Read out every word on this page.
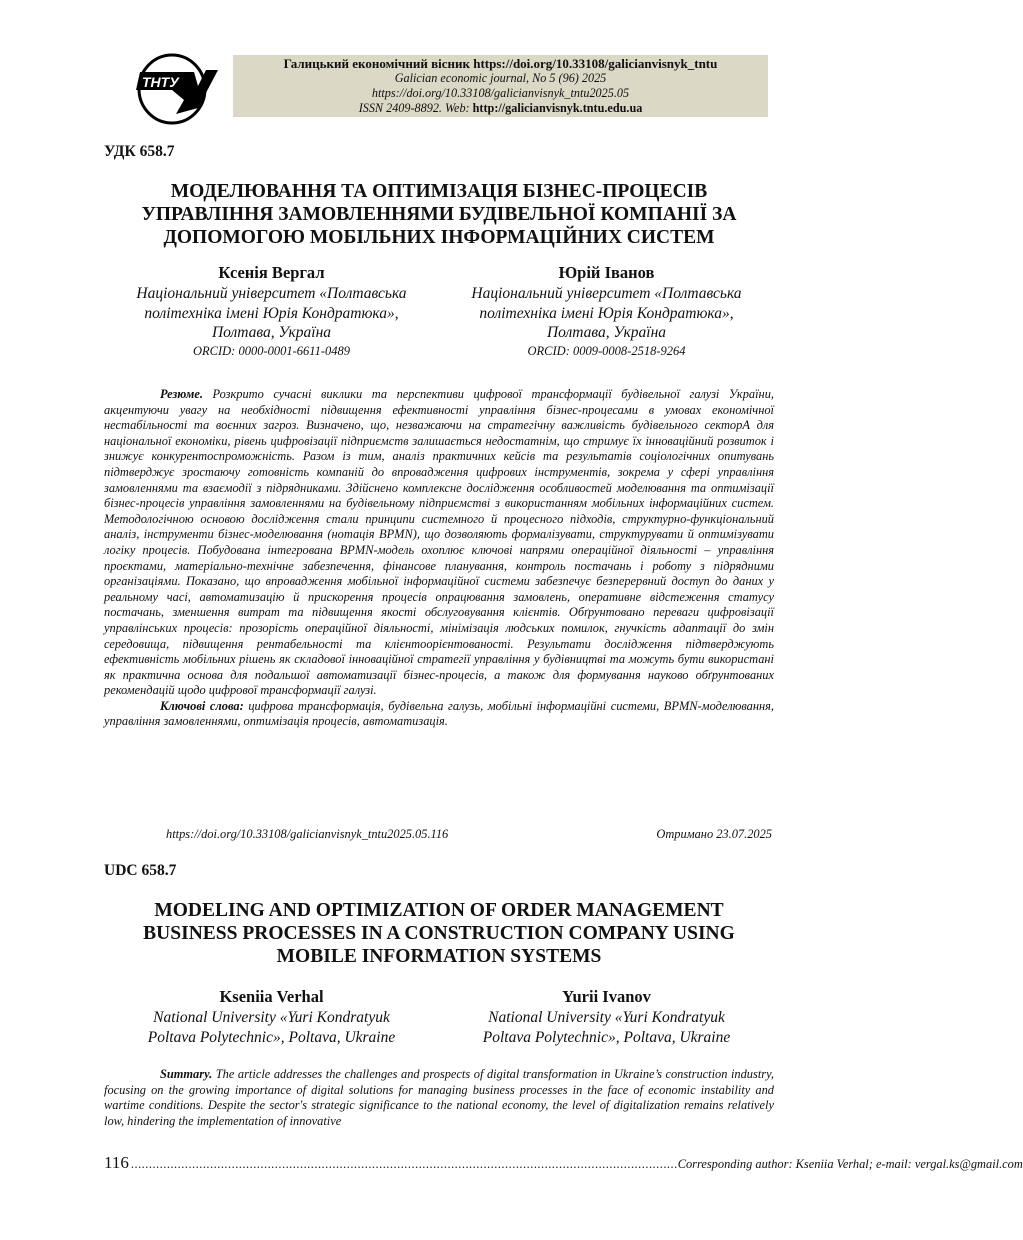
ТНТУ
Галицький економічний вісник https://doi.org/10.33108/galicianvisnyk_tntu
Galician economic journal, No 5 (96) 2025
https://doi.org/10.33108/galicianvisnyk_tntu2025.05
ISSN 2409-8892. Web: http://galicianvisnyk.tntu.edu.ua
УДК 658.7
МОДЕЛЮВАННЯ ТА ОПТИМІЗАЦІЯ БІЗНЕС-ПРОЦЕСІВ
УПРАВЛІННЯ ЗАМОВЛЕННЯМИ БУДІВЕЛЬНОЇ КОМПАНІЇ ЗА
ДОПОМОГОЮ МОБІЛЬНИХ ІНФОРМАЦІЙНИХ СИСТЕМ
Ксенія Вергал
Національний університет «Полтавська
політехніка імені Юрія Кондратюка»,
Полтава, Україна
ORCID: 0000-0001-6611-0489
Юрій Іванов
Національний університет «Полтавська
політехніка імені Юрія Кондратюка»,
Полтава, Україна
ORCID: 0009-0008-2518-9264

Резюме. Розкрито сучасні виклики та перспективи цифрової трансформації будівельної галузі України, акцентуючи увагу на необхідності підвищення ефективності управління бізнес-процесами в умовах економічної нестабільності та воєнних загроз. Визначено, що, незважаючи на стратегічну важливість будівельного секторА для національної економіки, рівень цифровізації підприємств залишається недостатнім, що стримує їх інноваційний розвиток і знижує конкурентоспроможність. Разом із тим, аналіз практичних кейсів та результатів соціологічних опитувань підтверджує зростаючу готовність компаній до впровадження цифрових інструментів, зокрема у сфері управління замовленнями та взаємодії з підрядниками. Здійснено комплексне дослідження особливостей моделювання та оптимізації бізнес-процесів управління замовленнями на будівельному підприємстві з використанням мобільних інформаційних систем. Методологічною основою дослідження стали принципи системного й процесного підходів, структурно-функціональний аналіз, інструменти бізнес-моделювання (нотація BPMN), що дозволяють формалізувати, структурувати й оптимізувати логіку процесів. Побудована інтегрована BPMN-модель охоплює ключові напрями операційної діяльності – управління проєктами, матеріально-технічне забезпечення, фінансове планування, контроль постачань і роботу з підрядними організаціями. Показано, що впровадження мобільної інформаційної системи забезпечує безперервний доступ до даних у реальному часі, автоматизацію й прискорення процесів опрацювання замовлень, оперативне відстеження статусу постачань, зменшення витрат та підвищення якості обслуговування клієнтів. Обґрунтовано переваги цифровізації управлінських процесів: прозорість операційної діяльності, мінімізація людських помилок, гнучкість адаптації до змін середовища, підвищення рентабельності та клієнтоорієнтованості. Результати дослідження підтверджують ефективність мобільних рішень як складової інноваційної стратегії управління у будівництві та можуть бути використані як практична основа для подальшої автоматизації бізнес-процесів, а також для формування науково обґрунтованих рекомендацій щодо цифрової трансформації галузі.

Ключові слова: цифрова трансформація, будівельна галузь, мобільні інформаційні системи, BPMN-моделювання, управління замовленнями, оптимізація процесів, автоматизація.

https://doi.org/10.33108/galicianvisnyk_tntu2025.05.116	Отримано 23.07.2025
UDC 658.7
MODELING AND OPTIMIZATION OF ORDER MANAGEMENT
BUSINESS PROCESSES IN A CONSTRUCTION COMPANY USING
MOBILE INFORMATION SYSTEMS
Kseniia Verhal
National University «Yuri Kondratyuk
Poltava Polytechnic», Poltava, Ukraine
Yurii Ivanov
National University «Yuri Kondratyuk
Poltava Polytechnic», Poltava, Ukraine

Summary. The article addresses the challenges and prospects of digital transformation in Ukraine’s construction industry, focusing on the growing importance of digital solutions for managing business processes in the face of economic instability and wartime conditions. Despite the sector's strategic significance to the national economy, the level of digitalization remains relatively low, hindering the implementation of innovative

116 ........................................................................................................................................................ Corresponding author: Kseniia Verhal; e-mail: vergal.ks@gmail.com
